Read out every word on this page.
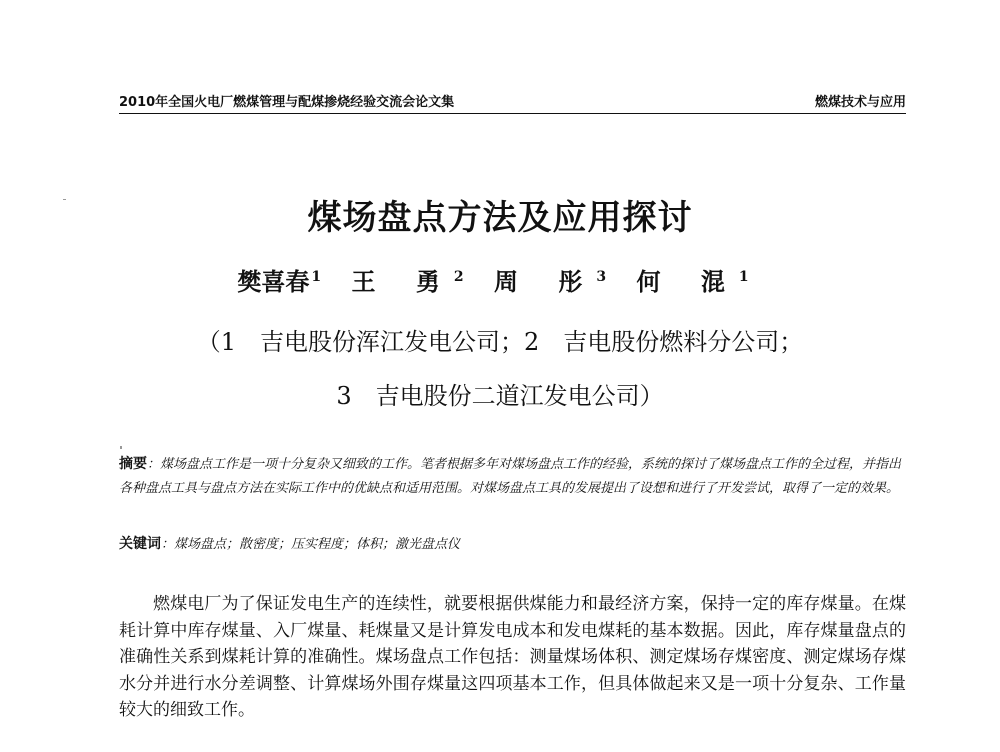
2010年全国火电厂燃煤管理与配煤掺烧经验交流会论文集	燃煤技术与应用
煤场盘点方法及应用探讨
樊喜春 $^1$ 王 勇 $^2$ 周 彤 $^3$ 何 混 $^1$
（1　吉电股份浑江发电公司；2　吉电股份燃料分公司；
3　吉电股份二道江发电公司）
摘要：煤场盘点工作是一项十分复杂又细致的工作。笔者根据多年对煤场盘点工作的经验，系统的探讨了煤场盘点工作的全过程，并指出各种盘点工具与盘点方法在实际工作中的优缺点和适用范围。对煤场盘点工具的发展提出了设想和进行了开发尝试，取得了一定的效果。
关键词：煤场盘点；散密度；压实程度；体积；激光盘点仪
燃煤电厂为了保证发电生产的连续性，就要根据供煤能力和最经济方案，保持一定的库存煤量。在煤耗计算中库存煤量、入厂煤量、耗煤量又是计算发电成本和发电煤耗的基本数据。因此，库存煤量盘点的准确性关系到煤耗计算的准确性。煤场盘点工作包括：测量煤场体积、测定煤场存煤密度、测定煤场存煤水分并进行水分差调整、计算煤场外围存煤量这四项基本工作，但具体做起来又是一项十分复杂、工作量较大的细致工作。
